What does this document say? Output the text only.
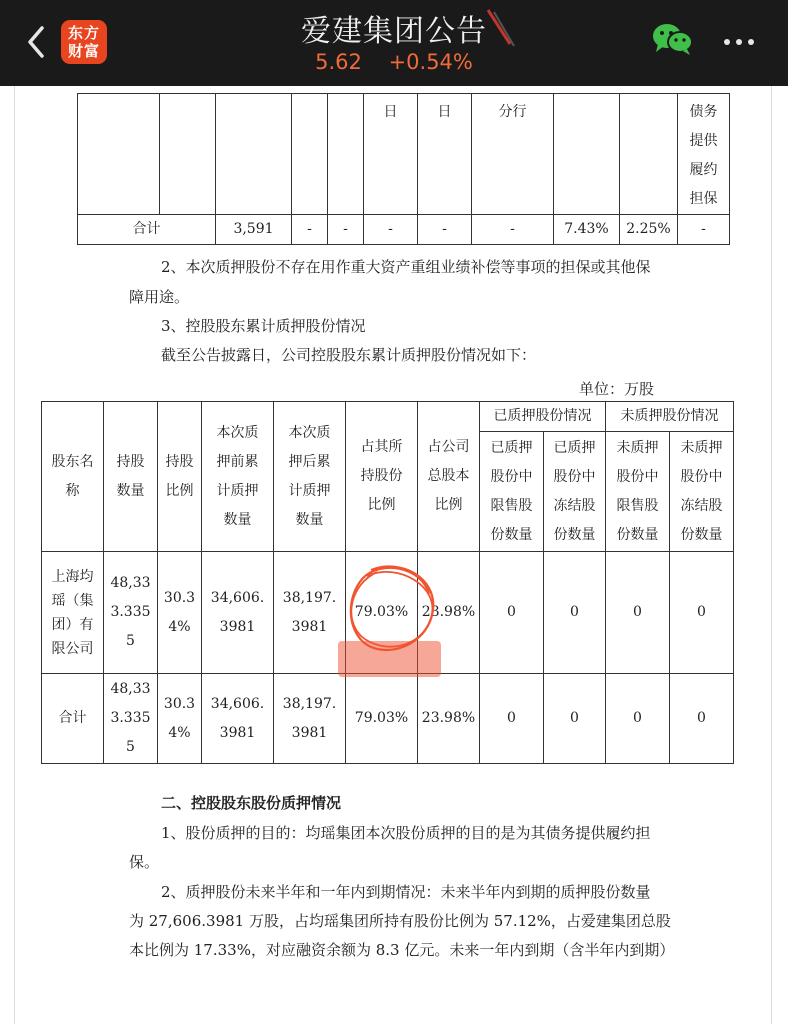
东方
财富
爱建集团公告
5.62 +0.54%
					日	日	分行			债务提供履约担保

合计		3,591	-	-	-	-	-	7.43%	2.25%	-
2、本次质押股份不存在用作重大资产重组业绩补偿等事项的担保或其他保
障用途。
3、控股股东累计质押股份情况
截至公告披露日，公司控股股东累计质押股份情况如下：
单位：万股
股东名称	持股数量	持股比例	本次质押前累计质押数量	本次质押后累计质押数量	占其所持股份比例	占公司总股本比例	已质押股份情况		未质押股份情况	

							已质押股份中限售股份数量	已质押股份中冻结股份数量	未质押股份中限售股份数量	未质押股份中冻结股份数量

上海均瑶（集团）有限公司	48,333.3355	30.34%	34,606.3981	38,197.3981	79.03%	23.98%	0	0	0	0
合计	48,333.3355	30.34%	34,606.3981	38,197.3981	79.03%	23.98%	0	0	0	0
二、控股股东股份质押情况
1、股份质押的目的：均瑶集团本次股份质押的目的是为其债务提供履约担
保。
2、质押股份未来半年和一年内到期情况：未来半年内到期的质押股份数量
为 27,606.3981 万股，占均瑶集团所持有股份比例为 57.12%，占爱建集团总股
本比例为 17.33%，对应融资余额为 8.3 亿元。未来一年内到期（含半年内到期）
